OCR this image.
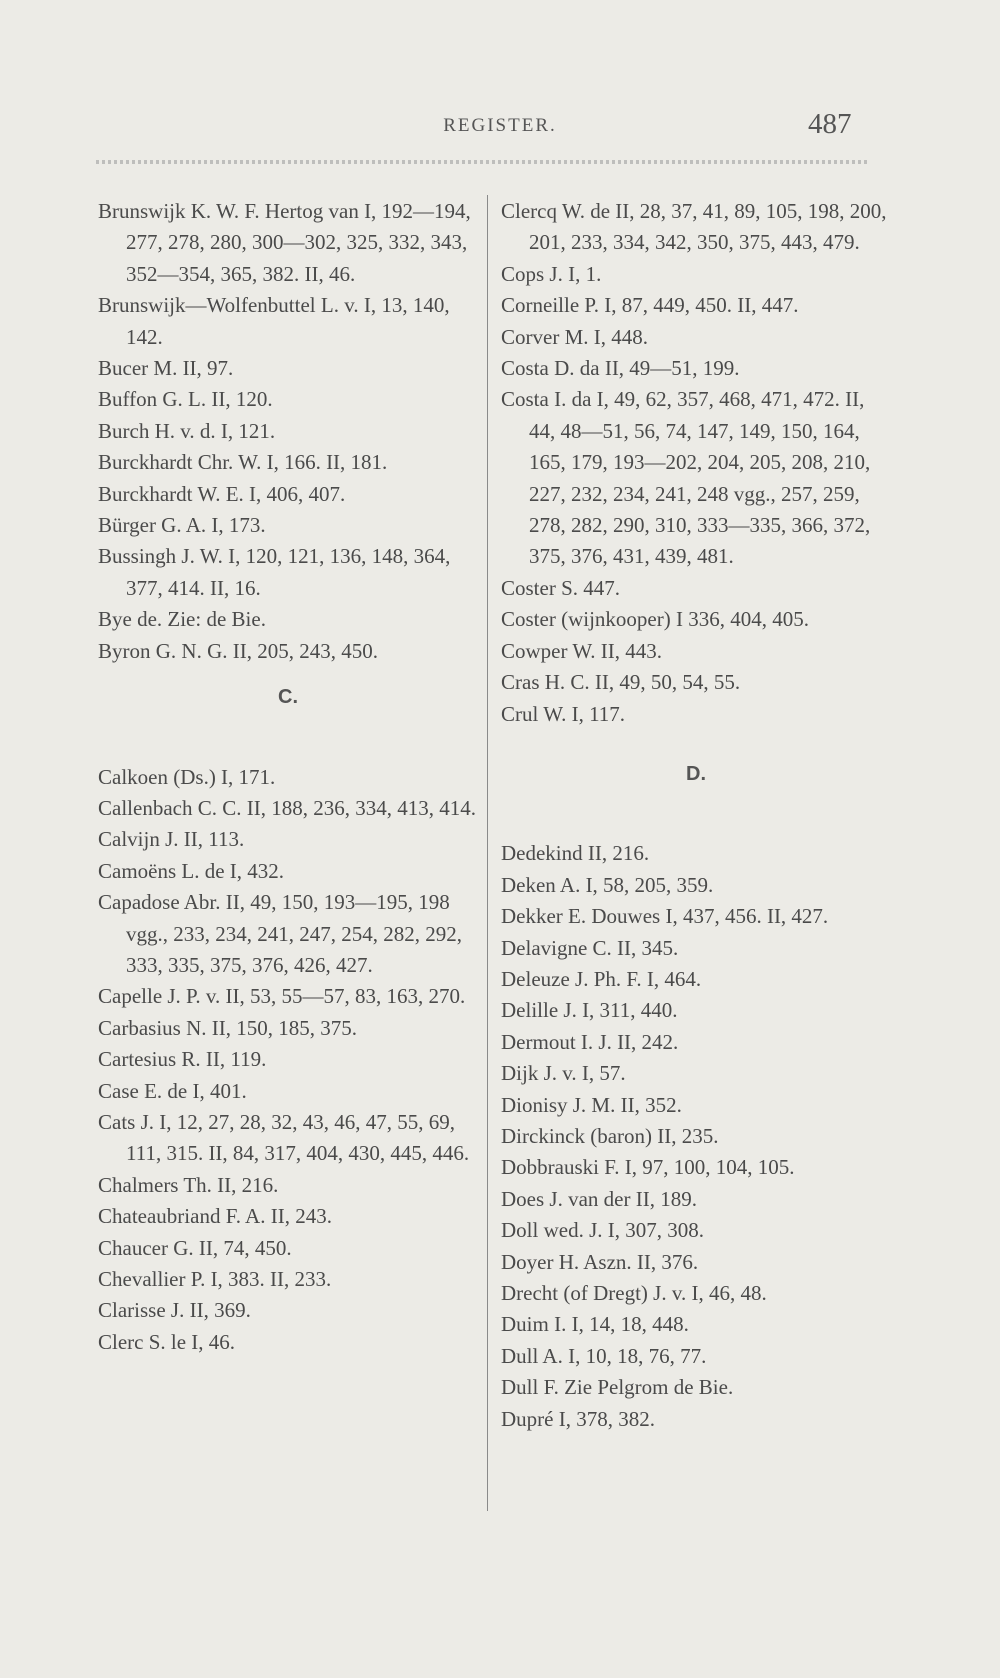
REGISTER.	487

Brunswijk K. W. F. Hertog van I, 192—194, 277, 278, 280, 300—302, 325, 332, 343, 352—354, 365, 382. II, 46.

Brunswijk—Wolfenbuttel L. v. I, 13, 140, 142.

Bucer M. II, 97.

Buffon G. L. II, 120.

Burch H. v. d. I, 121.

Burckhardt Chr. W. I, 166. II, 181.

Burckhardt W. E. I, 406, 407.

Bürger G. A. I, 173.

Bussingh J. W. I, 120, 121, 136, 148, 364, 377, 414. II, 16.

Bye de. Zie: de Bie.

Byron G. N. G. II, 205, 243, 450.

C.

Calkoen (Ds.) I, 171.

Callenbach C. C. II, 188, 236, 334, 413, 414.

Calvijn J. II, 113.

Camoëns L. de I, 432.

Capadose Abr. II, 49, 150, 193—195, 198 vgg., 233, 234, 241, 247, 254, 282, 292, 333, 335, 375, 376, 426, 427.

Capelle J. P. v. II, 53, 55—57, 83, 163, 270.

Carbasius N. II, 150, 185, 375.

Cartesius R. II, 119.

Case E. de I, 401.

Cats J. I, 12, 27, 28, 32, 43, 46, 47, 55, 69, 111, 315. II, 84, 317, 404, 430, 445, 446.

Chalmers Th. II, 216.

Chateaubriand F. A. II, 243.

Chaucer G. II, 74, 450.

Chevallier P. I, 383. II, 233.

Clarisse J. II, 369.

Clerc S. le I, 46.

Clercq W. de II, 28, 37, 41, 89, 105, 198, 200, 201, 233, 334, 342, 350, 375, 443, 479.

Cops J. I, 1.

Corneille P. I, 87, 449, 450. II, 447.

Corver M. I, 448.

Costa D. da II, 49—51, 199.

Costa I. da I, 49, 62, 357, 468, 471, 472. II, 44, 48—51, 56, 74, 147, 149, 150, 164, 165, 179, 193—202, 204, 205, 208, 210, 227, 232, 234, 241, 248 vgg., 257, 259, 278, 282, 290, 310, 333—335, 366, 372, 375, 376, 431, 439, 481.

Coster S. 447.

Coster (wijnkooper) I 336, 404, 405.

Cowper W. II, 443.

Cras H. C. II, 49, 50, 54, 55.

Crul W. I, 117.

D.

Dedekind II, 216.

Deken A. I, 58, 205, 359.

Dekker E. Douwes I, 437, 456. II, 427.

Delavigne C. II, 345.

Deleuze J. Ph. F. I, 464.

Delille J. I, 311, 440.

Dermout I. J. II, 242.

Dijk J. v. I, 57.

Dionisy J. M. II, 352.

Dirckinck (baron) II, 235.

Dobbrauski F. I, 97, 100, 104, 105.

Does J. van der II, 189.

Doll wed. J. I, 307, 308.

Doyer H. Aszn. II, 376.

Drecht (of Dregt) J. v. I, 46, 48.

Duim I. I, 14, 18, 448.

Dull A. I, 10, 18, 76, 77.

Dull F. Zie Pelgrom de Bie.

Dupré I, 378, 382.
